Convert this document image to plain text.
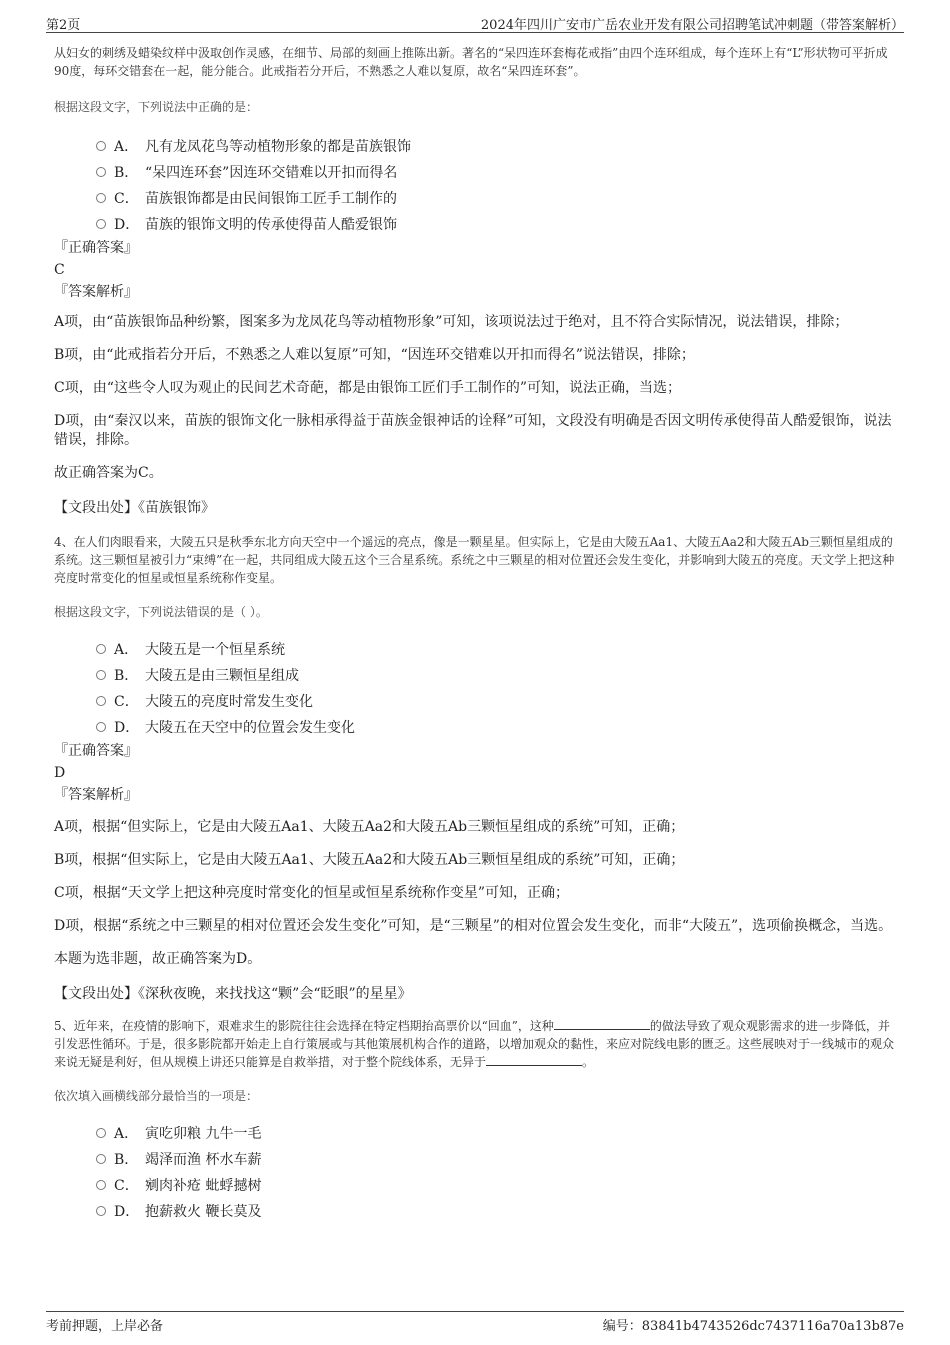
第2页	2024年四川广安市广岳农业开发有限公司招聘笔试冲刺题（带答案解析）

从妇女的刺绣及蜡染纹样中汲取创作灵感，在细节、局部的刻画上推陈出新。著名的“呆四连环套梅花戒指”由四个连环组成，每个连环上有“L”形状物可平折成90度，每环交错套在一起，能分能合。此戒指若分开后，不熟悉之人难以复原，故名“呆四连环套”。

根据这段文字，下列说法中正确的是：

A． 凡有龙凤花鸟等动植物形象的都是苗族银饰
B． “呆四连环套”因连环交错难以开扣而得名
C． 苗族银饰都是由民间银饰工匠手工制作的
D． 苗族的银饰文明的传承使得苗人酷爱银饰

『正确答案』

C

『答案解析』

A项，由“苗族银饰品种纷繁，图案多为龙凤花鸟等动植物形象”可知，该项说法过于绝对，且不符合实际情况，说法错误，排除；

B项，由“此戒指若分开后，不熟悉之人难以复原”可知，“因连环交错难以开扣而得名”说法错误，排除；

C项，由“这些令人叹为观止的民间艺术奇葩，都是由银饰工匠们手工制作的”可知，说法正确，当选；

D项，由“秦汉以来，苗族的银饰文化一脉相承得益于苗族金银神话的诠释”可知，文段没有明确是否因文明传承使得苗人酷爱银饰，说法错误，排除。

故正确答案为C。

【文段出处】《苗族银饰》

4、在人们肉眼看来，大陵五只是秋季东北方向天空中一个遥远的亮点，像是一颗星星。但实际上，它是由大陵五Aa1、大陵五Aa2和大陵五Ab三颗恒星组成的系统。这三颗恒星被引力“束缚”在一起，共同组成大陵五这个三合星系统。系统之中三颗星的相对位置还会发生变化，并影响到大陵五的亮度。天文学上把这种亮度时常变化的恒星或恒星系统称作变星。

根据这段文字，下列说法错误的是（ ）。

A． 大陵五是一个恒星系统
B． 大陵五是由三颗恒星组成
C． 大陵五的亮度时常发生变化
D． 大陵五在天空中的位置会发生变化

『正确答案』

D

『答案解析』

A项，根据“但实际上，它是由大陵五Aa1、大陵五Aa2和大陵五Ab三颗恒星组成的系统”可知，正确；

B项，根据“但实际上，它是由大陵五Aa1、大陵五Aa2和大陵五Ab三颗恒星组成的系统”可知，正确；

C项，根据“天文学上把这种亮度时常变化的恒星或恒星系统称作变星”可知，正确；

D项，根据“系统之中三颗星的相对位置还会发生变化”可知，是“三颗星”的相对位置会发生变化，而非“大陵五”，选项偷换概念，当选。

本题为选非题，故正确答案为D。

【文段出处】《深秋夜晚，来找找这“颗”会“眨眼”的星星》

5、近年来，在疫情的影响下，艰难求生的影院往往会选择在特定档期抬高票价以“回血”，这种	的做法导致了观众观影需求的进一步降低，并引发恶性循环。于是，很多影院都开始走上自行策展或与其他策展机构合作的道路，以增加观众的黏性，来应对院线电影的匮乏。这些展映对于一线城市的观众来说无疑是利好，但从规模上讲还只能算是自救举措，对于整个院线体系，无异于	。

依次填入画横线部分最恰当的一项是：

A． 寅吃卯粮 九牛一毛
B． 竭泽而渔 杯水车薪
C． 剜肉补疮 蚍蜉撼树
D． 抱薪救火 鞭长莫及
考前押题，上岸必备	编号：83841b4743526dc7437116a70a13b87e
